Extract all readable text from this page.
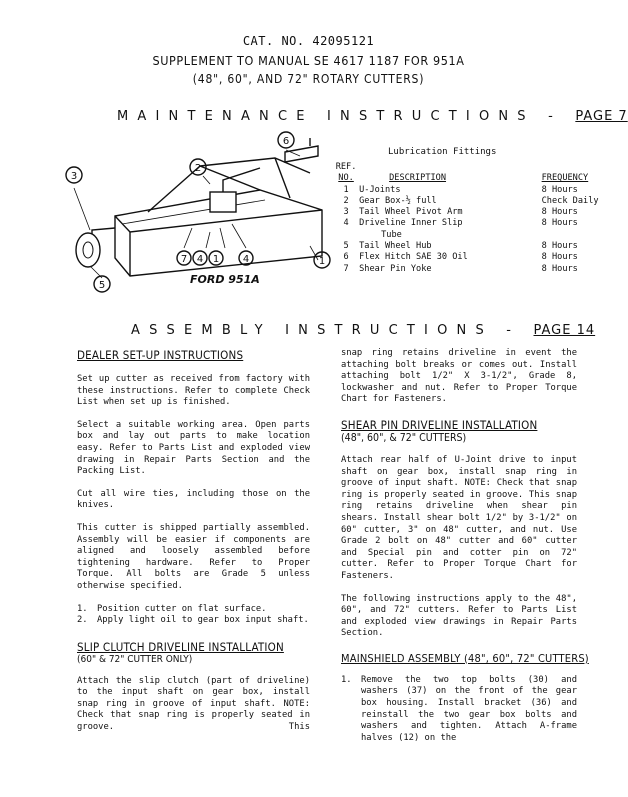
CAT. NO. 42095121
SUPPLEMENT TO MANUAL SE 4617 1187 FOR 951A
(48", 60", AND 72" ROTARY CUTTERS)
MAINTENANCE INSTRUCTIONS - PAGE 7
3
2
6
5
1
7 4 1 4
FORD 951A
Lubrication Fittings
REF.		
NO.	DESCRIPTION	FREQUENCY
1	U-Joints	8 Hours
2	Gear Box-½ full	Check Daily
3	Tail Wheel Pivot Arm	8 Hours
4	Driveline Inner Slip	8 Hours
	Tube	
5	Tail Wheel Hub	8 Hours
6	Flex Hitch SAE 30 Oil	8 Hours
7	Shear Pin Yoke	8 Hours
ASSEMBLY INSTRUCTIONS - PAGE 14
DEALER SET-UP INSTRUCTIONS

Set up cutter as received from factory with these instructions. Refer to complete Check List when set up is finished.

Select a suitable working area. Open parts box and lay out parts to make location easy. Refer to Parts List and exploded view drawing in Repair Parts Section and the Packing List.

Cut all wire ties, including those on the knives.

This cutter is shipped partially assembled. Assembly will be easier if components are aligned and loosely assembled before tightening hardware. Refer to Proper Torque. All bolts are Grade 5 unless otherwise specified.

1.	Position cutter on flat surface.
2.	Apply light oil to gear box input shaft.
SLIP CLUTCH DRIVELINE INSTALLATION
(60" & 72" CUTTER ONLY)

Attach the slip clutch (part of driveline) to the input shaft on gear box, install snap ring in groove of input shaft. NOTE: Check that snap ring is properly seated in groove. This

snap ring retains driveline in event the attaching bolt breaks or comes out. Install attaching bolt 1/2" X 3-1/2", Grade 8, lockwasher and nut. Refer to Proper Torque Chart for Fasteners.

SHEAR PIN DRIVELINE INSTALLATION
(48", 60", & 72" CUTTERS)

Attach rear half of U-Joint drive to input shaft on gear box, install snap ring in groove of input shaft. NOTE: Check that snap ring is properly seated in groove. This snap ring retains driveline when shear pin shears. Install shear bolt 1/2" by 3-1/2" on 60" cutter, 3" on 48" cutter, and nut. Use Grade 2 bolt on 48" cutter and 60" cutter and Special pin and cotter pin on 72" cutter. Refer to Proper Torque Chart for Fasteners.

The following instructions apply to the 48", 60", and 72" cutters. Refer to Parts List and exploded view drawings in Repair Parts Section.

MAINSHIELD ASSEMBLY (48", 60", 72" CUTTERS)
1.	Remove the two top bolts (30) and washers (37) on the front of the gear box housing. Install bracket (36) and reinstall the two gear box bolts and washers and tighten. Attach A-frame halves (12) on the
